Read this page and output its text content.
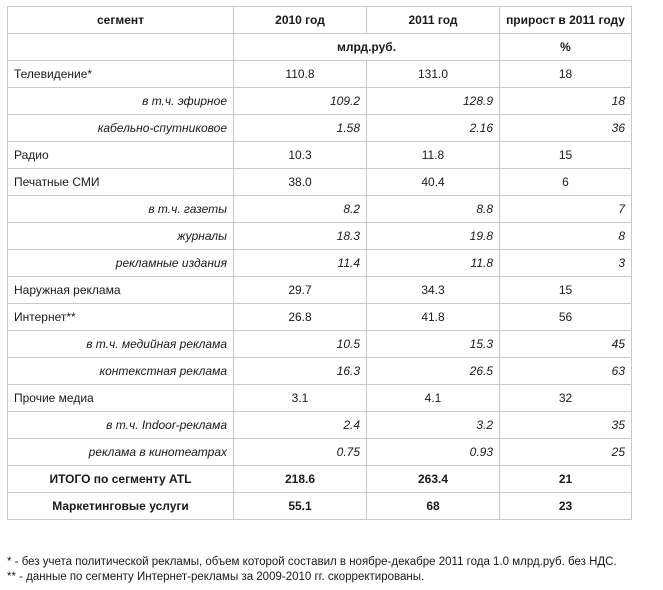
сегмент	2010 год	2011 год	прирост в 2011 году
	млрд.руб.		%
Телевидение*	110.8	131.0	18
в т.ч. эфирное	109.2	128.9	18
кабельно-спутниковое	1.58	2.16	36
Радио	10.3	11.8	15
Печатные СМИ	38.0	40.4	6
в т.ч. газеты	8.2	8.8	7
журналы	18.3	19.8	8
рекламные издания	11.4	11.8	3
Наружная реклама	29.7	34.3	15
Интернет**	26.8	41.8	56
в т.ч. медийная реклама	10.5	15.3	45
контекстная реклама	16.3	26.5	63
Прочие медиа	3.1	4.1	32
в т.ч. Indoor-реклама	2.4	3.2	35
реклама в кинотеатрах	0.75	0.93	25
ИТОГО по сегменту ATL	218.6	263.4	21
Маркетинговые услуги	55.1	68	23
* - без учета политической рекламы, объем которой составил в ноябре-декабре 2011 года 1.0 млрд.руб. без НДС.
** - данные по сегменту Интернет-рекламы за 2009-2010 гг. скорректированы.
